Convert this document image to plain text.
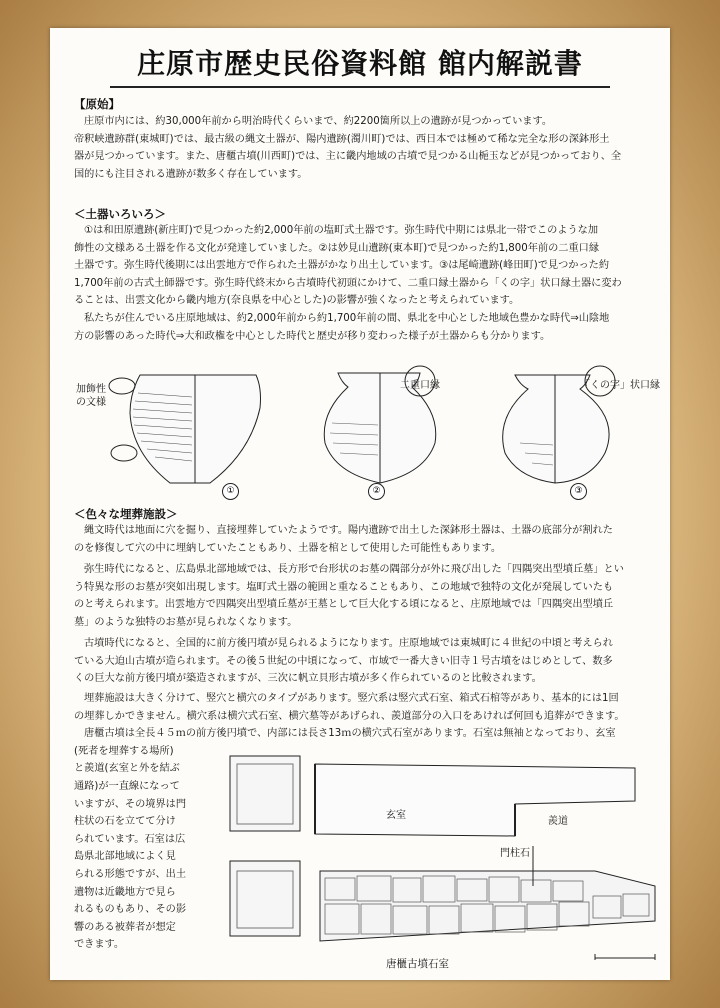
庄原市歴史民俗資料館 館内解説書
【原始】

庄原市内には、約30,000年前から明治時代くらいまで、約2200箇所以上の遺跡が見つかっています。

帝釈峡遺跡群(東城町)では、最古級の縄文土器が、陽内遺跡(濁川町)では、西日本では極めて稀な完全な形の深鉢形土

器が見つかっています。また、唐櫃古墳(川西町)では、主に畿内地域の古墳で見つかる山梔玉などが見つかっており、全

国的にも注目される遺跡が数多く存在しています。

＜土器いろいろ＞

①は和田原遺跡(新庄町)で見つかった約2,000年前の塩町式土器です。弥生時代中期には県北一帯でこのような加

飾性の文様ある土器を作る文化が発達していました。②は妙見山遺跡(東本町)で見つかった約1,800年前の二重口縁

土器です。弥生時代後期には出雲地方で作られた土器がかなり出土しています。③は尾崎遺跡(峰田町)で見つかった約

1,700年前の古式土師器です。弥生時代終末から古墳時代初頭にかけて、二重口縁土器から「くの字」状口縁土器に変わ

ることは、出雲文化から畿内地方(奈良県を中心とした)の影響が強くなったと考えられています。

私たちが住んでいる庄原地域は、約2,000年前から約1,700年前の間、県北を中心とした地域色豊かな時代⇒山陰地

方の影響のあった時代⇒大和政権を中心とした時代と歴史が移り変わった様子が土器からも分かります。

加飾性
の文様
二重口縁	「くの字」状口縁
①	②	③
＜色々な埋葬施設＞

縄文時代は地面に穴を掘り、直接埋葬していたようです。陽内遺跡で出土した深鉢形土器は、土器の底部分が割れた

のを修復して穴の中に埋納していたこともあり、土器を棺として使用した可能性もあります。

弥生時代になると、広島県北部地域では、長方形で台形状のお墓の隅部分が外に飛び出した「四隅突出型墳丘墓」とい

う特異な形のお墓が突如出現します。塩町式土器の範囲と重なることもあり、この地域で独特の文化が発展していたも

のと考えられます。出雲地方で四隅突出型墳丘墓が王墓として巨大化する頃になると、庄原地域では「四隅突出型墳丘

墓」のような独特のお墓が見られなくなります。

古墳時代になると、全国的に前方後円墳が見られるようになります。庄原地域では東城町に４世紀の中頃と考えられ

ている大迫山古墳が造られます。その後５世紀の中頃になって、市域で一番大きい旧寺１号古墳をはじめとして、数多

くの巨大な前方後円墳が築造されますが、三次に帆立貝形古墳が多く作られているのと比較されます。

埋葬施設は大きく分けて、竪穴と横穴のタイプがあります。竪穴系は竪穴式石室、箱式石棺等があり、基本的には1回

の埋葬しかできません。横穴系は横穴式石室、横穴墓等があげられ、羨道部分の入口をあければ何回も追葬ができます。

唐櫃古墳は全長４５ｍの前方後円墳で、内部には長さ13ｍの横穴式石室があります。石室は無袖となっており、玄室

(死者を埋葬する場所)

と羨道(玄室と外を結ぶ

通路)が一直線になって

いますが、その境界は門

柱状の石を立てて分け

られています。石室は広

島県北部地域によく見

られる形態ですが、出土

遺物は近畿地方で見ら

れるものもあり、その影

響のある被葬者が想定

できます。

玄室
羨道
門柱石
唐櫃古墳石室
